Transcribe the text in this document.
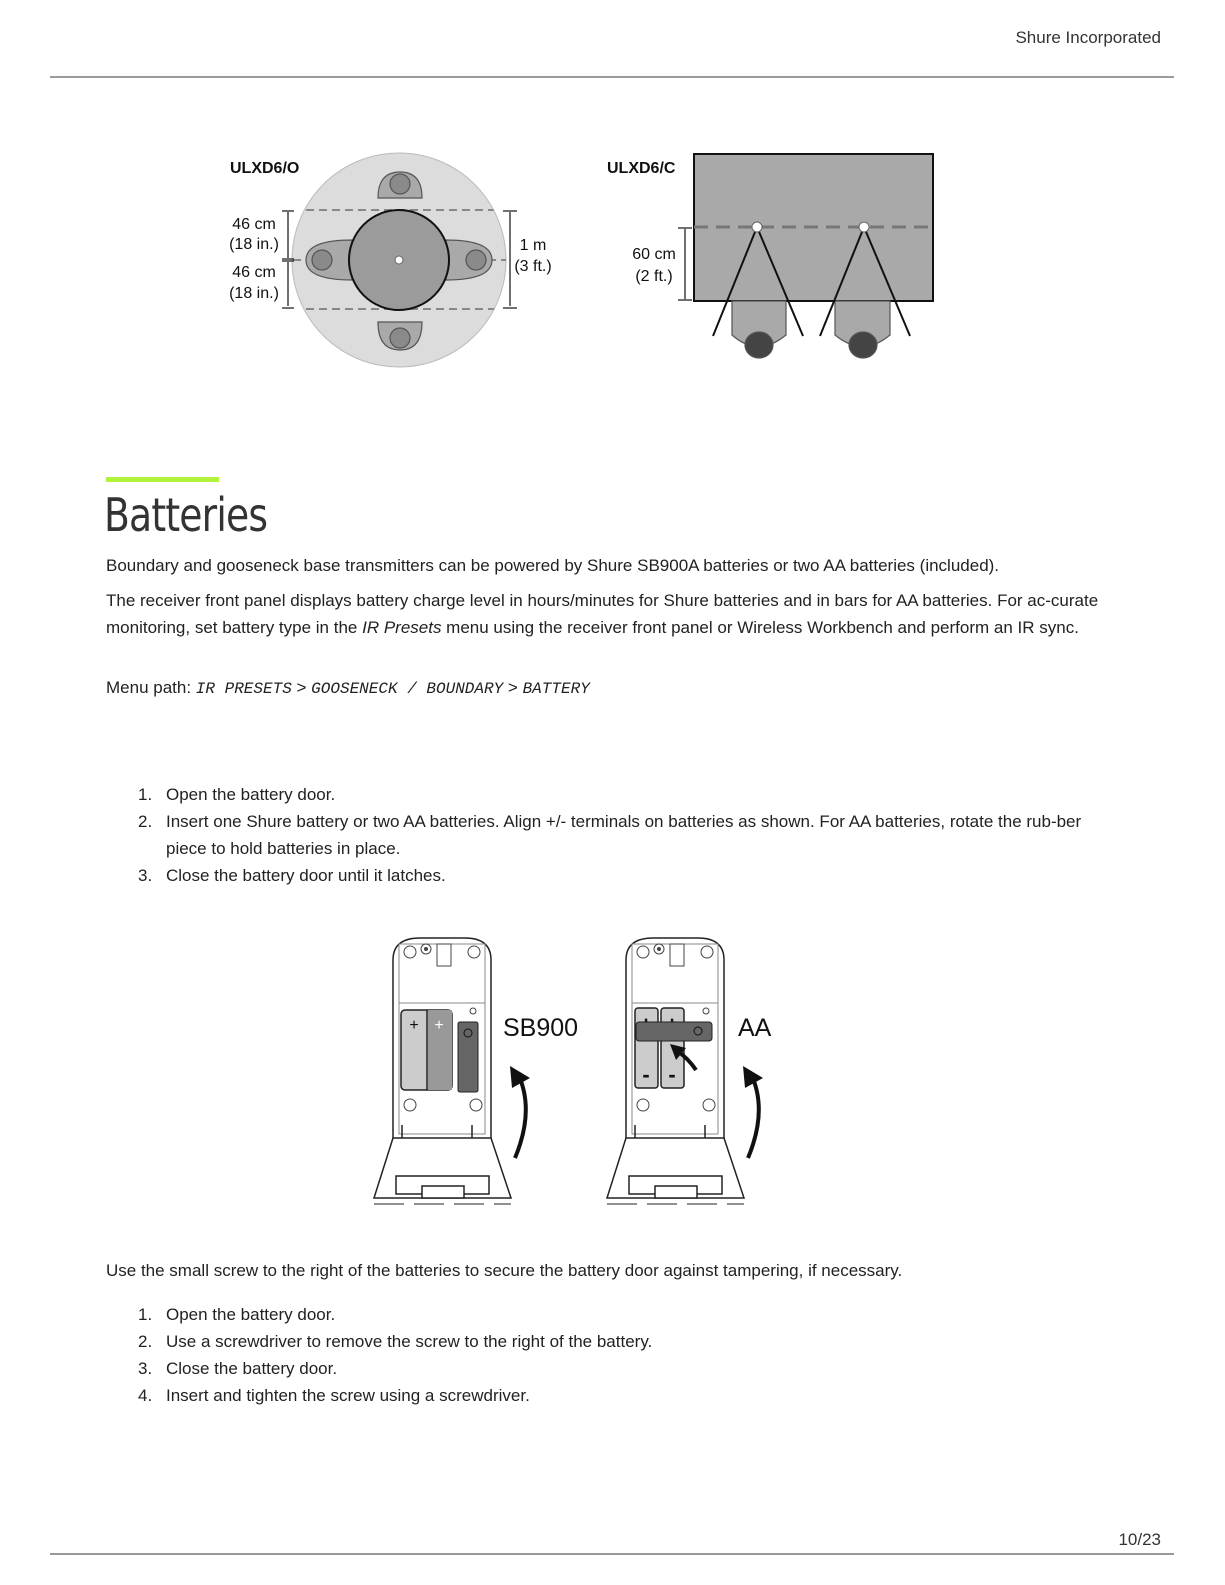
Shure Incorporated
ULXD6/O
46 cm
(18 in.)
46 cm
(18 in.)
1 m
(3 ft.)
ULXD6/C
60 cm
(2 ft.)
Batteries

Boundary and gooseneck base transmitters can be powered by Shure SB900A batteries or two AA batteries (included).

The receiver front panel displays battery charge level in hours/minutes for Shure batteries and in bars for AA batteries. For ac-curate monitoring, set battery type in the IR Presets menu using the receiver front panel or Wireless Workbench and perform an IR sync.

Menu path: IR PRESETS > GOOSENECK / BOUNDARY > BATTERY

1. Open the battery door.
2. Insert one Shure battery or two AA batteries. Align +/- terminals on batteries as shown. For AA batteries, rotate the rub-ber piece to hold batteries in place.
3. Close the battery door until it latches.
+ + SB900
- -
AA

Use the small screw to the right of the batteries to secure the battery door against tampering, if necessary.

1. Open the battery door.
2. Use a screwdriver to remove the screw to the right of the battery.
3. Close the battery door.
4. Insert and tighten the screw using a screwdriver.
10/23
